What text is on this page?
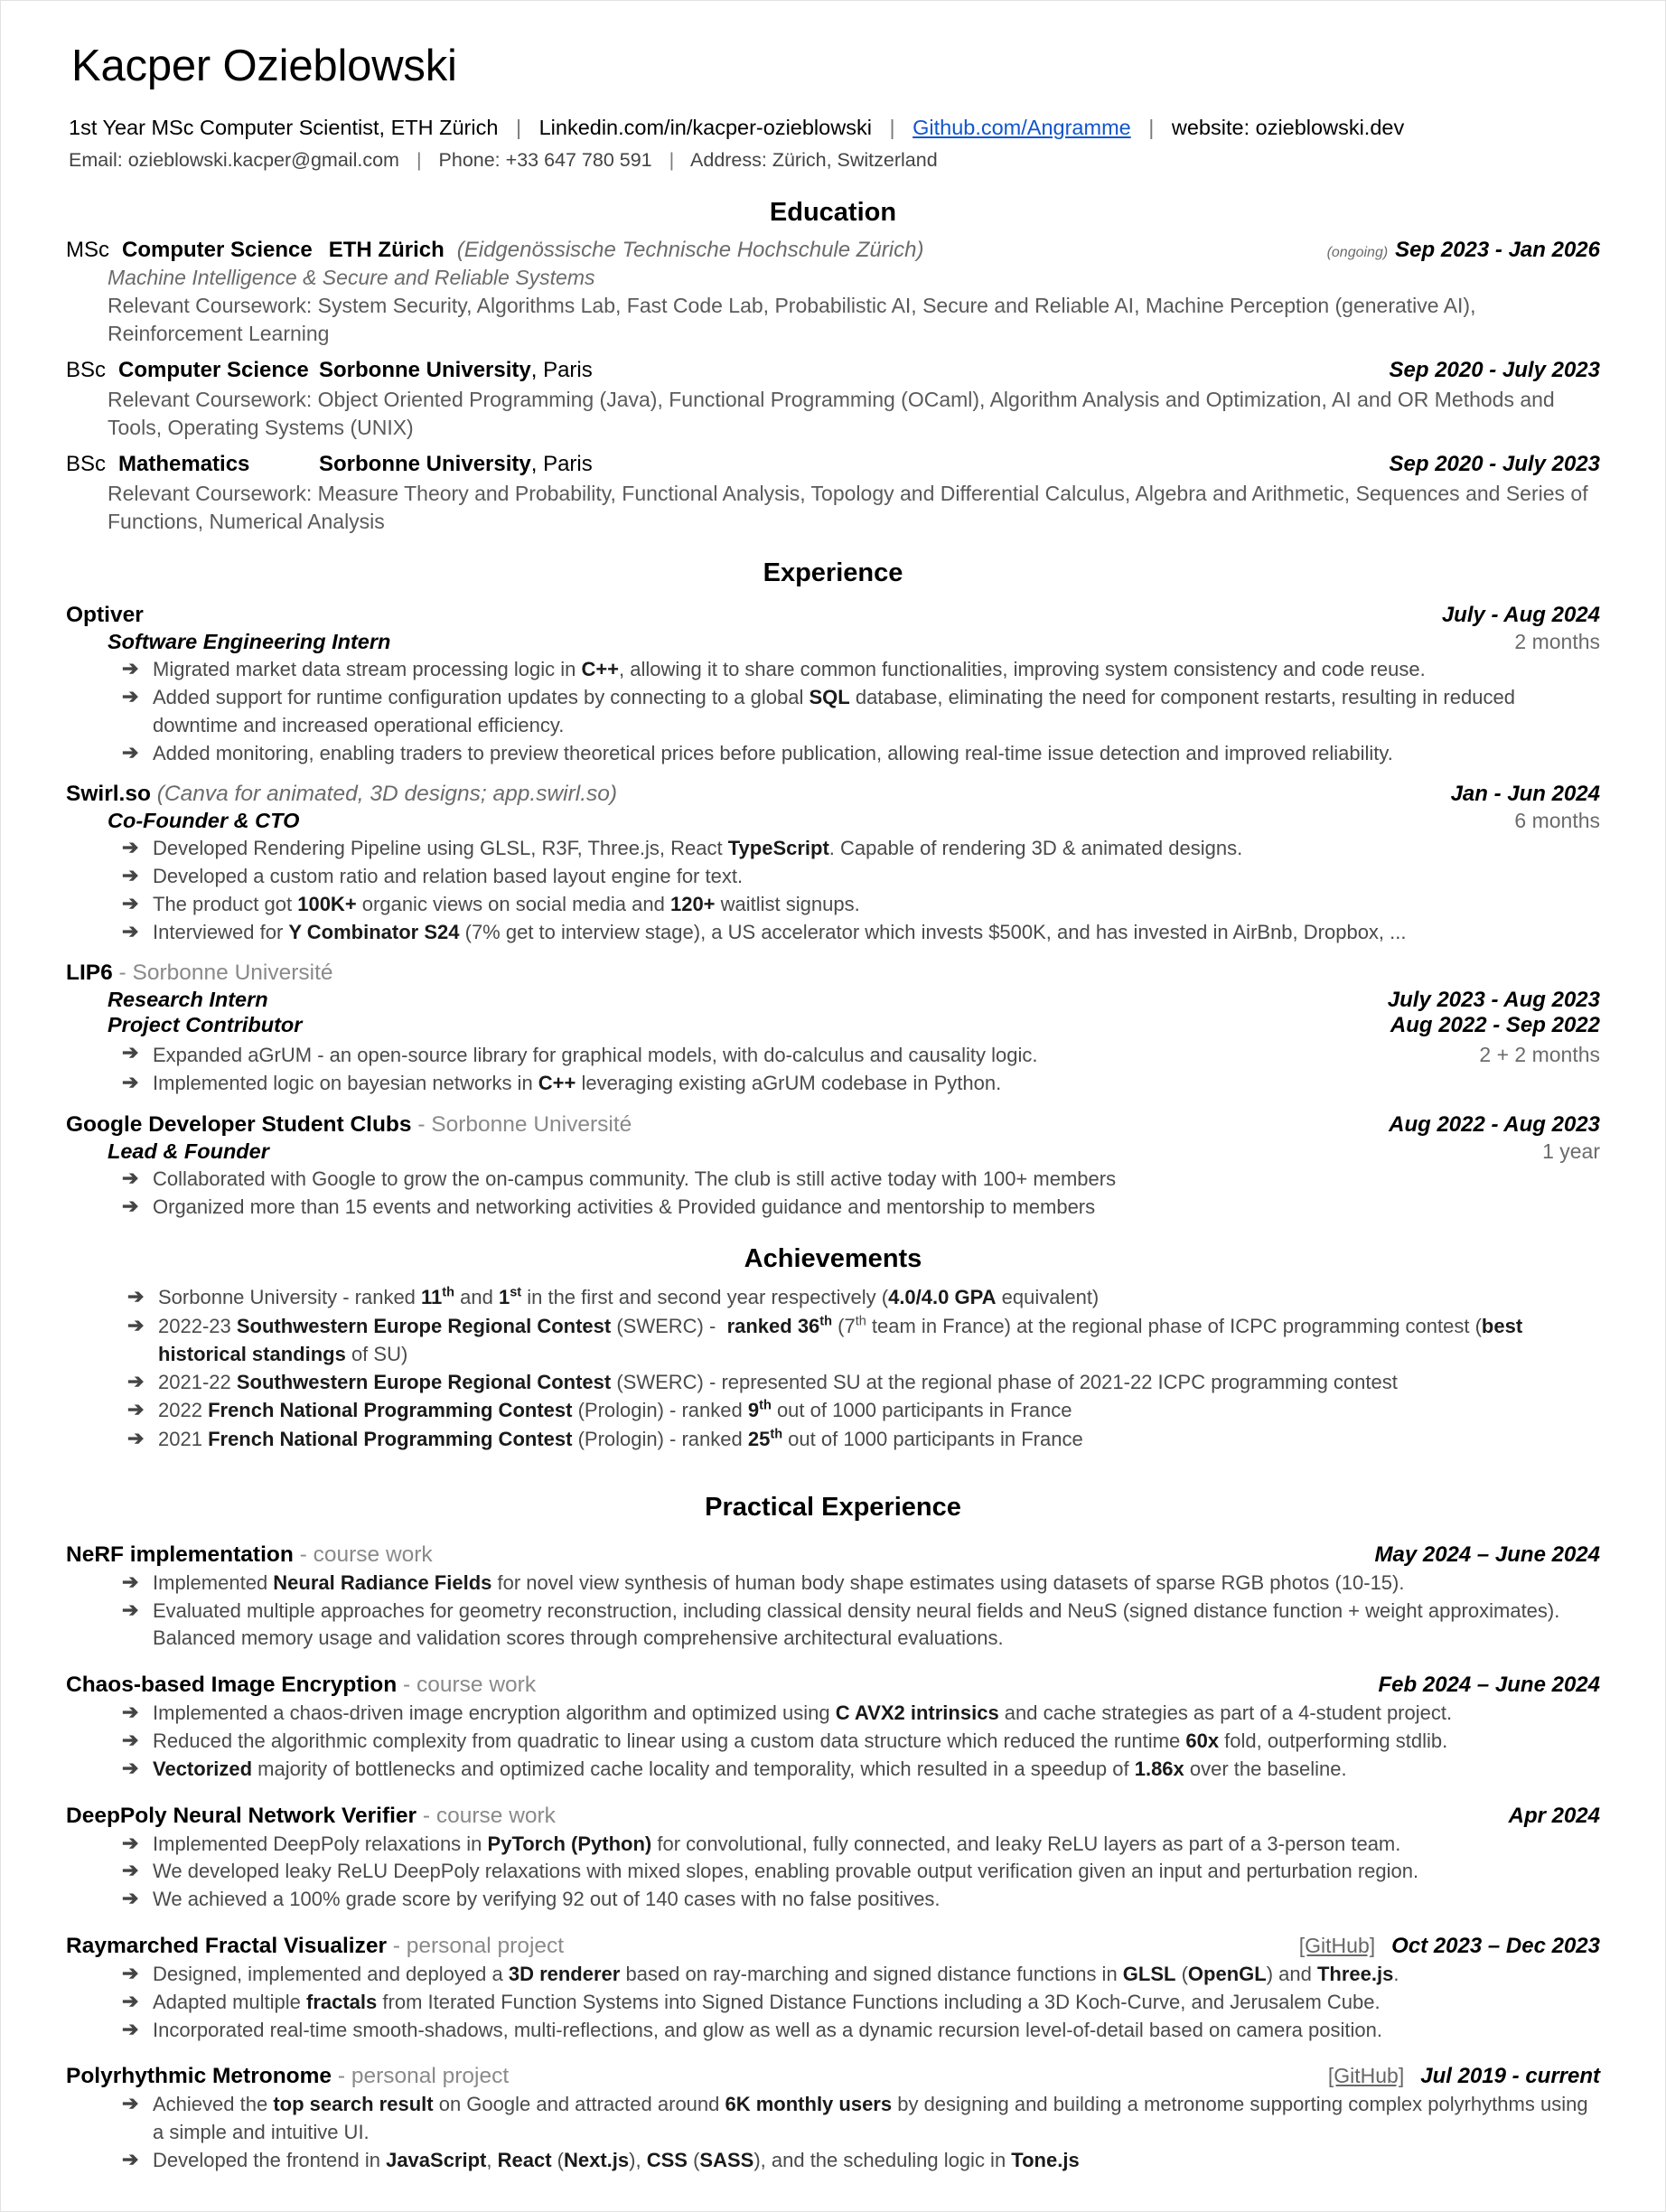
Kacper Ozieblowski
1st Year MSc Computer Scientist, ETH Zürich | Linkedin.com/in/kacper-ozieblowski | Github.com/Angramme | website: ozieblowski.dev
Email: ozieblowski.kacper@gmail.com | Phone: +33 647 780 591 | Address: Zürich, Switzerland
Education
MSc Computer Science ETH Zürich (Eidgenössische Technische Hochschule Zürich)	(ongoing) Sep 2023 - Jan 2026
Machine Intelligence & Secure and Reliable Systems
Relevant Coursework: System Security, Algorithms Lab, Fast Code Lab, Probabilistic AI, Secure and Reliable AI, Machine Perception (generative AI), Reinforcement Learning
BSc Computer Science Sorbonne University, Paris	Sep 2020 - July 2023
Relevant Coursework: Object Oriented Programming (Java), Functional Programming (OCaml), Algorithm Analysis and Optimization, AI and OR Methods and Tools, Operating Systems (UNIX)
BSc Mathematics	Sorbonne University, Paris	Sep 2020 - July 2023
Relevant Coursework: Measure Theory and Probability, Functional Analysis, Topology and Differential Calculus, Algebra and Arithmetic, Sequences and Series of Functions, Numerical Analysis
Experience
Optiver	July - Aug 2024
Software Engineering Intern	2 months
➔ Migrated market data stream processing logic in C++, allowing it to share common functionalities, improving system consistency and code reuse.
➔ Added support for runtime configuration updates by connecting to a global SQL database, eliminating the need for component restarts, resulting in reduced downtime and increased operational efficiency.
➔ Added monitoring, enabling traders to preview theoretical prices before publication, allowing real-time issue detection and improved reliability.
Swirl.so (Canva for animated, 3D designs; app.swirl.so)	Jan - Jun 2024
Co-Founder & CTO	6 months
➔ Developed Rendering Pipeline using GLSL, R3F, Three.js, React TypeScript. Capable of rendering 3D & animated designs.
➔ Developed a custom ratio and relation based layout engine for text.
➔ The product got 100K+ organic views on social media and 120+ waitlist signups.
➔ Interviewed for Y Combinator S24 (7% get to interview stage), a US accelerator which invests $500K, and has invested in AirBnb, Dropbox, ...
LIP6 - Sorbonne Université
Research Intern	July 2023 - Aug 2023
Project Contributor	Aug 2022 - Sep 2022
➔ Expanded aGrUM - an open-source library for graphical models, with do-calculus and causality logic.	2 + 2 months
➔ Implemented logic on bayesian networks in C++ leveraging existing aGrUM codebase in Python.
Google Developer Student Clubs - Sorbonne Université	Aug 2022 - Aug 2023
Lead & Founder	1 year
➔ Collaborated with Google to grow the on-campus community. The club is still active today with 100+ members
➔ Organized more than 15 events and networking activities & Provided guidance and mentorship to members
Achievements
➔ Sorbonne University - ranked 11th and 1st in the first and second year respectively (4.0/4.0 GPA equivalent)
➔ 2022-23 Southwestern Europe Regional Contest (SWERC) -  ranked 36th (7th team in France) at the regional phase of ICPC programming contest (best historical standings of SU)
➔ 2021-22 Southwestern Europe Regional Contest (SWERC) - represented SU at the regional phase of 2021-22 ICPC programming contest
➔ 2022 French National Programming Contest (Prologin) - ranked 9th out of 1000 participants in France
➔ 2021 French National Programming Contest (Prologin) - ranked 25th out of 1000 participants in France
Practical Experience
NeRF implementation - course work	May 2024 – June 2024
➔ Implemented Neural Radiance Fields for novel view synthesis of human body shape estimates using datasets of sparse RGB photos (10-15).
➔ Evaluated multiple approaches for geometry reconstruction, including classical density neural fields and NeuS (signed distance function + weight approximates). Balanced memory usage and validation scores through comprehensive architectural evaluations.
Chaos-based Image Encryption - course work	Feb 2024 – June 2024
➔ Implemented a chaos-driven image encryption algorithm and optimized using C AVX2 intrinsics and cache strategies as part of a 4-student project.
➔ Reduced the algorithmic complexity from quadratic to linear using a custom data structure which reduced the runtime 60x fold, outperforming stdlib.
➔ Vectorized majority of bottlenecks and optimized cache locality and temporality, which resulted in a speedup of 1.86x over the baseline.
DeepPoly Neural Network Verifier - course work	Apr 2024
➔ Implemented DeepPoly relaxations in PyTorch (Python) for convolutional, fully connected, and leaky ReLU layers as part of a 3-person team.
➔ We developed leaky ReLU DeepPoly relaxations with mixed slopes, enabling provable output verification given an input and perturbation region.
➔ We achieved a 100% grade score by verifying 92 out of 140 cases with no false positives.
Raymarched Fractal Visualizer - personal project	[GitHub] Oct 2023 – Dec 2023
➔ Designed, implemented and deployed a 3D renderer based on ray-marching and signed distance functions in GLSL (OpenGL) and Three.js.
➔ Adapted multiple fractals from Iterated Function Systems into Signed Distance Functions including a 3D Koch-Curve, and Jerusalem Cube.
➔ Incorporated real-time smooth-shadows, multi-reflections, and glow as well as a dynamic recursion level-of-detail based on camera position.
Polyrhythmic Metronome - personal project	[GitHub] Jul 2019 - current
➔ Achieved the top search result on Google and attracted around 6K monthly users by designing and building a metronome supporting complex polyrhythms using a simple and intuitive UI.
➔ Developed the frontend in JavaScript, React (Next.js), CSS (SASS), and the scheduling logic in Tone.js
